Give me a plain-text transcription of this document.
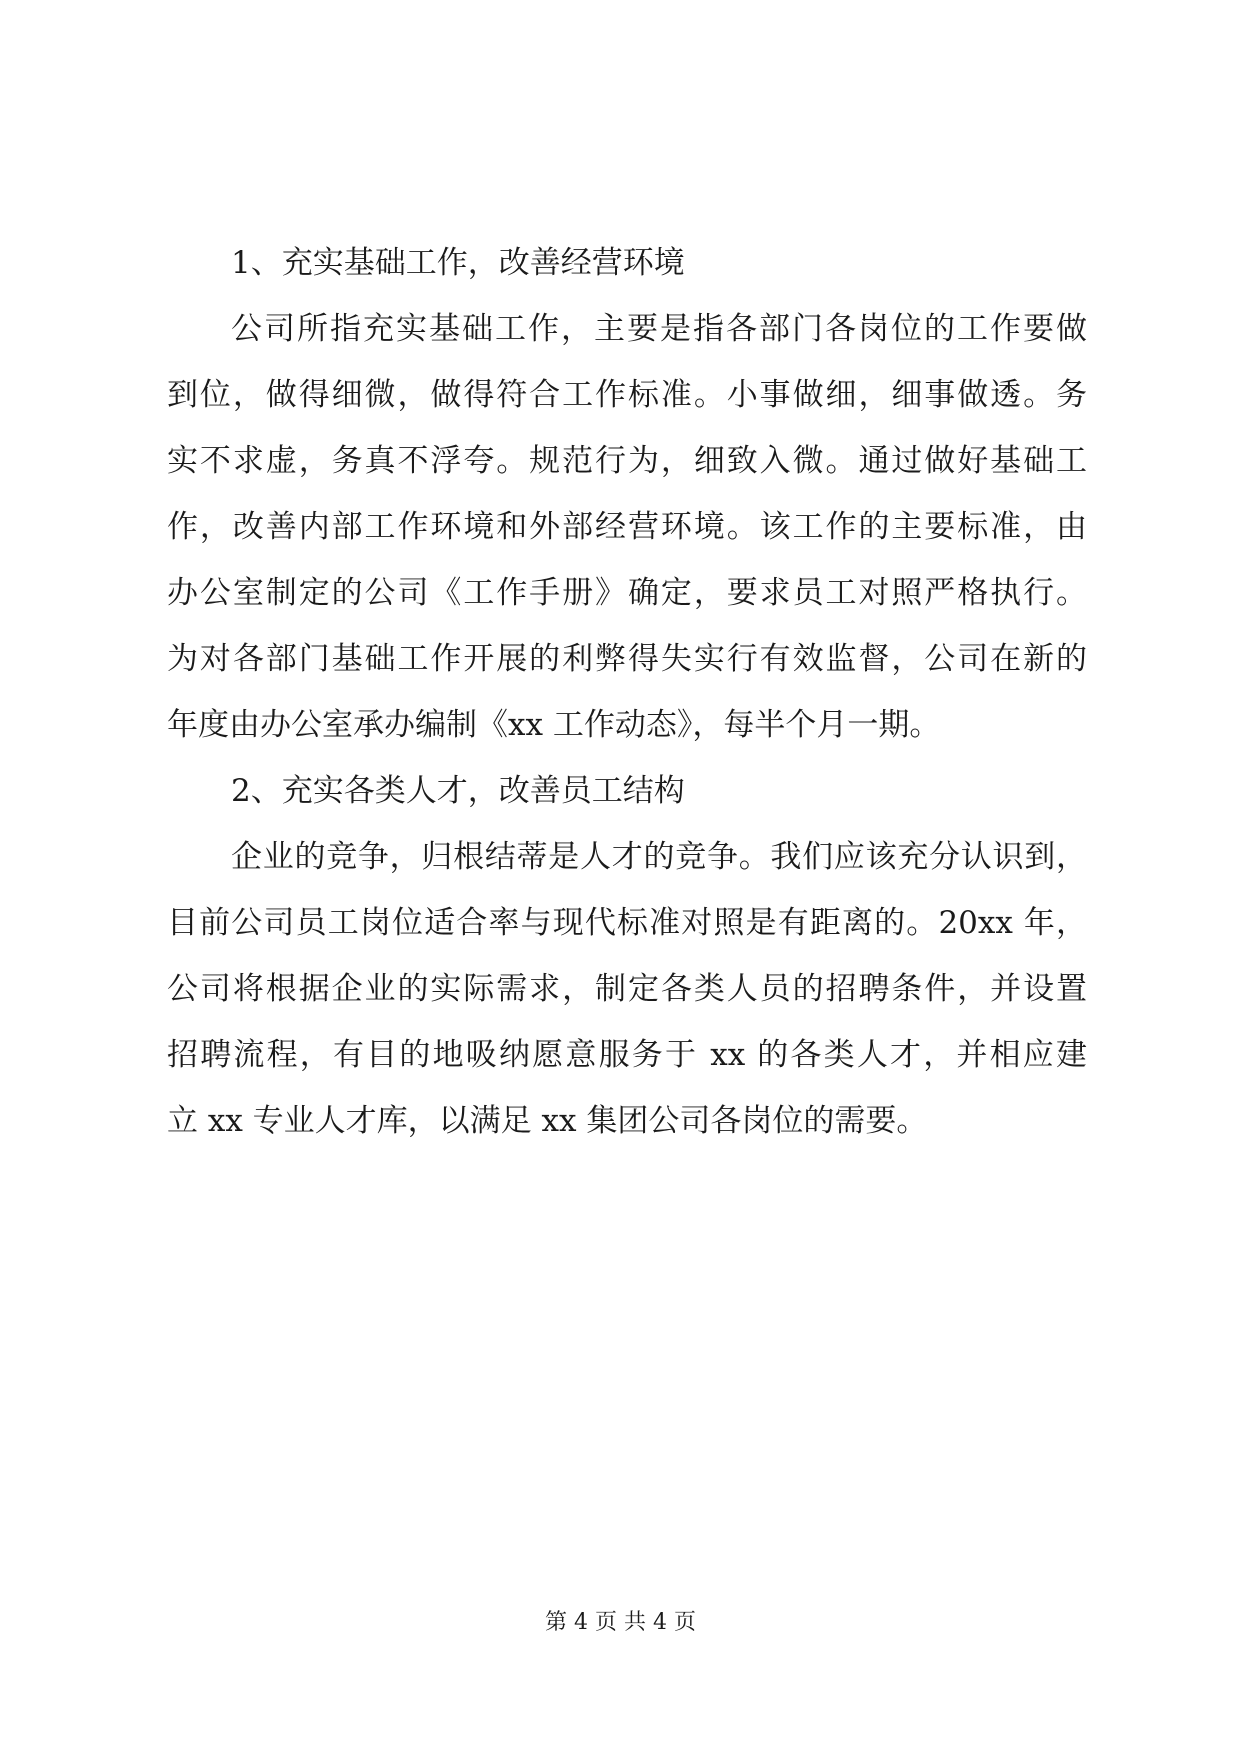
1、充实基础工作，改善经营环境
公司所指充实基础工作，主要是指各部门各岗位的工作要做
到位，做得细微，做得符合工作标准。小事做细，细事做透。务
实不求虚，务真不浮夸。规范行为，细致入微。通过做好基础工
作，改善内部工作环境和外部经营环境。该工作的主要标准，由
办公室制定的公司《工作手册》确定，要求员工对照严格执行。
为对各部门基础工作开展的利弊得失实行有效监督，公司在新的
年度由办公室承办编制《xx 工作动态》，每半个月一期。
2、充实各类人才，改善员工结构
企业的竞争，归根结蒂是人才的竞争。我们应该充分认识到，
目前公司员工岗位适合率与现代标准对照是有距离的。20xx 年，
公司将根据企业的实际需求，制定各类人员的招聘条件，并设置
招聘流程，有目的地吸纳愿意服务于 xx 的各类人才，并相应建
立 xx 专业人才库，以满足 xx 集团公司各岗位的需要。
第 4 页 共 4 页
